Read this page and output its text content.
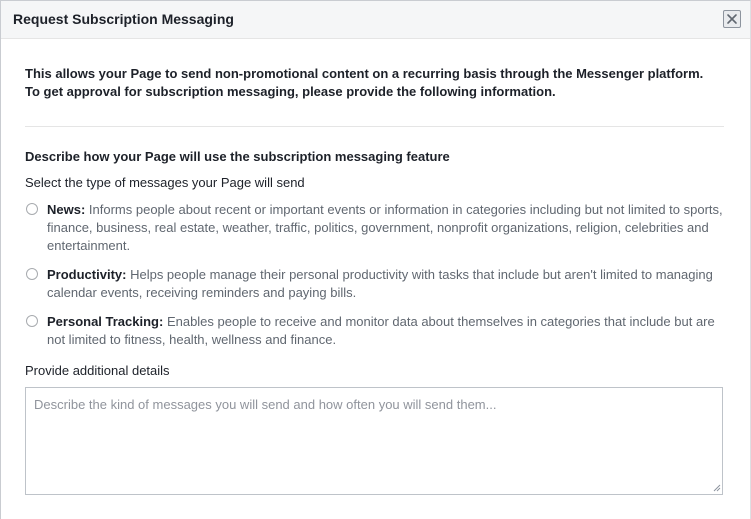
Request Subscription Messaging
This allows your Page to send non-promotional content on a recurring basis through the Messenger platform.
To get approval for subscription messaging, please provide the following information.
Describe how your Page will use the subscription messaging feature
Select the type of messages your Page will send
News: Informs people about recent or important events or information in categories including but not limited to sports, finance, business, real estate, weather, traffic, politics, government, nonprofit organizations, religion, celebrities and entertainment.
Productivity: Helps people manage their personal productivity with tasks that include but aren't limited to managing calendar events, receiving reminders and paying bills.
Personal Tracking: Enables people to receive and monitor data about themselves in categories that include but are not limited to fitness, health, wellness and finance.
Provide additional details
Describe the kind of messages you will send and how often you will send them...
